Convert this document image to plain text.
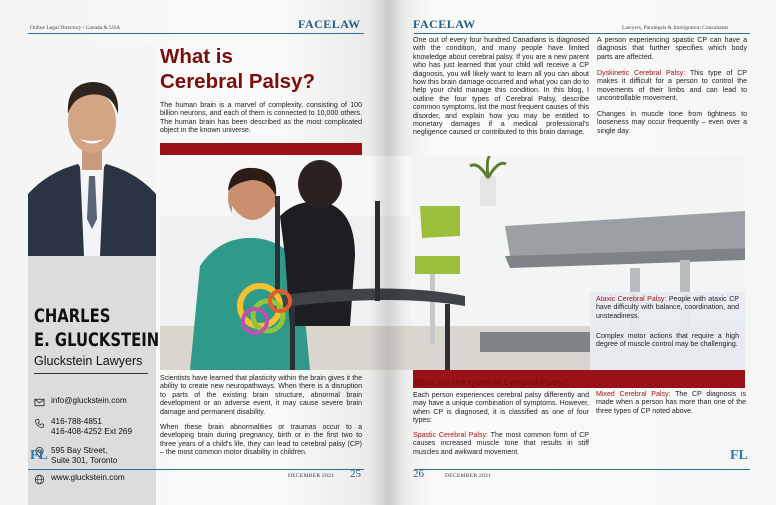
Online Legal Directory / Canada & USA	FACELAW
CHARLES
E. GLUCKSTEIN
Gluckstein Lawyers
info@gluckstein.com
416-788-4851
416-408-4252 Ext 269
595 Bay Street,
Suite 301, Toronto
www.gluckstein.com
What is
Cerebral Palsy?
The human brain is a marvel of complexity, consisting of 100 billion neurons, and each of them is connected to 10,000 others. The human brain has been described as the most complicated object in the known universe.
Scientists have learned that plasticity within the brain gives it the ability to create new neuropathways. When there is a disruption to parts of the existing brain structure, abnormal brain development or an adverse event, it may cause severe brain damage and permanent disability.
When these brain abnormalities or traumas occur to a developing brain during pregnancy, birth or in the first two to three years of a child's life, they can lead to cerebral palsy (CP) – the most common motor disability in children.
FL
DECEMBER 2021 25
FACELAW	Lawyers, Paralegals & Immigration Consultants
One out of every four hundred Canadians is diagnosed with the condition, and many people have limited knowledge about cerebral palsy. If you are a new parent who has just learned that your child will receive a CP diagnosis, you will likely want to learn all you can about how this brain damage occurred and what you can do to help your child manage this condition. In this blog, I outline the four types of Cerebral Palsy, describe common symptoms, list the most frequent causes of this disorder, and explain how you may be entitled to monetary damages if a medical professional's negligence caused or contributed to this brain damage.
A person experiencing spastic CP can have a diagnosis that further specifies which body parts are affected.
Dyskinetic Cerebral Palsy: This type of CP makes it difficult for a person to control the movements of their limbs and can lead to uncontrollable movement.
Changes in muscle tone from tightness to looseness may occur frequently – even over a single day.
What are the types of Cerebral Palsy?
Each person experiences cerebral palsy differently and may have a unique combination of symptoms. However, when CP is diagnosed, it is classified as one of four types:
Spastic Cerebral Palsy: The most common form of CP causes increased muscle tone that results in stiff muscles and awkward movement.
Mixed Cerebral Palsy: The CP diagnosis is made when a person has more than one of the three types of CP noted above.
26	DECEMBER 2021
FL
Ataxic Cerebral Palsy: People with ataxic CP have difficulty with balance, coordination, and unsteadiness.
Complex motor actions that require a high degree of muscle control may be challenging.
